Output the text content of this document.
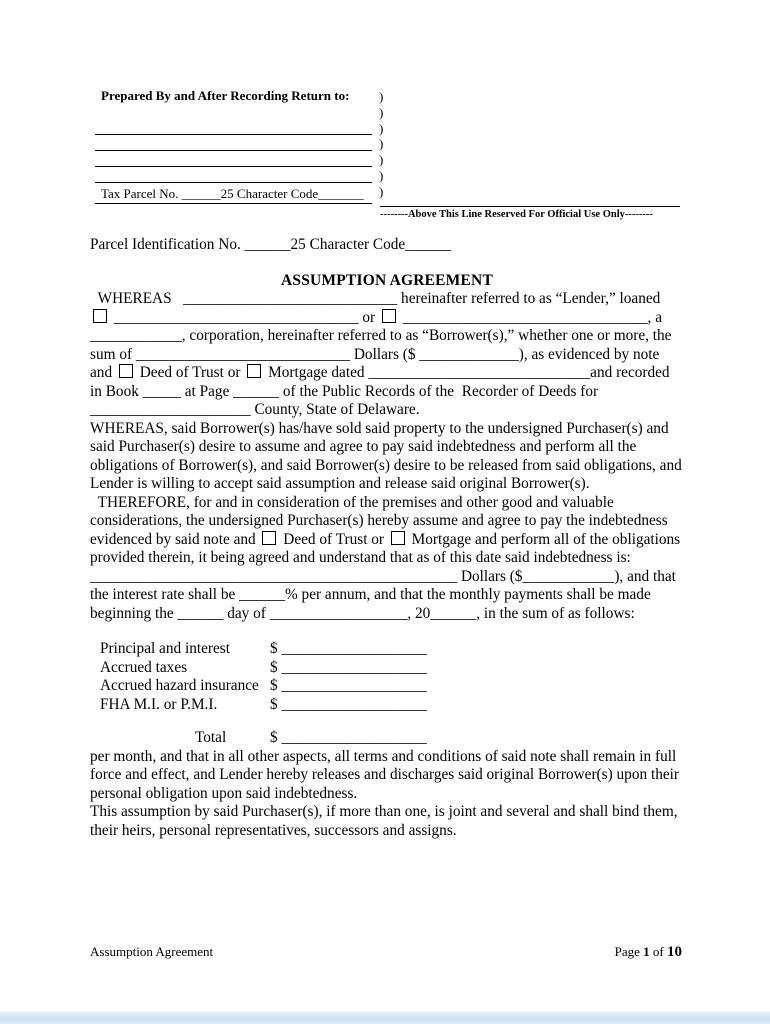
Prepared By and After Recording Return to:
Tax Parcel No. ______25 Character Code_______
)
)
)
)
)
)
)
--------Above This Line Reserved For Official Use Only--------
Parcel Identification No. ______25 Character Code______
ASSUMPTION AGREEMENT

WHEREAS   ____________________________ hereinafter referred to as “Lender,” loaned  ________________________________ or  ________________________________, a ____________, corporation, hereinafter referred to as “Borrower(s),” whether one or more, the sum of ____________________________ Dollars ($ _____________), as evidenced by note and  Deed of Trust or  Mortgage dated _____________________________and recorded in Book _____ at Page ______ of the Public Records of the  Recorder of Deeds for _____________________ County, State of Delaware.

WHEREAS, said Borrower(s) has/have sold said property to the undersigned Purchaser(s) and said Purchaser(s) desire to assume and agree to pay said indebtedness and perform all the obligations of Borrower(s), and said Borrower(s) desire to be released from said obligations, and Lender is willing to accept said assumption and release said original Borrower(s).

THEREFORE, for and in consideration of the premises and other good and valuable considerations, the undersigned Purchaser(s) hereby assume and agree to pay the indebtedness evidenced by said note and  Deed of Trust or  Mortgage and perform all of the obligations provided therein, it being agreed and understand that as of this date said indebtedness is:

________________________________________________ Dollars ($____________), and that the interest rate shall be ______% per annum, and that the monthly payments shall be made beginning the ______ day of __________________, 20______, in the sum of as follows:

Principal and interest	$ ___________________
Accrued taxes	$ ___________________
Accrued hazard insurance $ ___________________
FHA M.I. or P.M.I.	$ ___________________
Total	$ ___________________

per month, and that in all other aspects, all terms and conditions of said note shall remain in full force and effect, and Lender hereby releases and discharges said original Borrower(s) upon their personal obligation upon said indebtedness.

This assumption by said Purchaser(s), if more than one, is joint and several and shall bind them, their heirs, personal representatives, successors and assigns.

Assumption Agreement	Page 1 of 10
